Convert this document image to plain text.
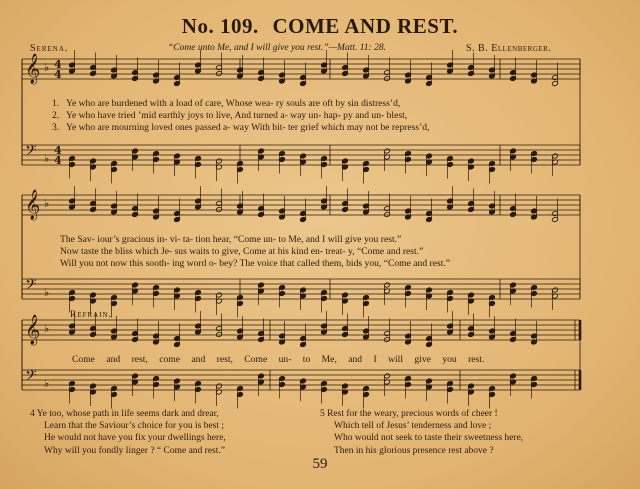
No. 109. COME AND REST.
Serena.	“Come unto Me, and I will give you rest.”—Matt. 11: 28.	S. B. Ellenberger.
𝄞 ♭ 4
4
𝄢 ♭
4
4
𝄞 ♭
𝄢 ♭
𝄞 ♭
𝄢 ♭
1. Ye who are burdened with a load of care, Whose wea- ry souls are oft by sin distress’d,
2. Ye who have tried ’mid earthly joys to live, And turned a- way un- hap- py and un- blest,
3. Ye who are mourning loved ones passed a- way With bit- ter grief which may not be repress’d,
The Sav- iour’s gracious in- vi- ta- tion hear, “Come un- to Me, and I will give you rest.”
Now taste the bliss which Je- sus waits to give, Come at his kind en- treat- y, “Come and rest.”
Will you not now this sooth- ing word o- bey? The voice that called them, bids you, “Come and rest.”
Refrain.
Come and rest, come and rest, Come un- to Me, and I will give you rest.
4 Ye too, whose path in life seems dark and drear,
Learn that the Saviour’s choice for you is best ;
He would not have you fix your dwellings here,
Why will you fondly linger ? “ Come and rest.”
5 Rest for the weary, precious words of cheer !
Which tell of Jesus’ tenderness and love ;
Who would not seek to taste their sweetness here,
Then in his glorious presence rest above ?
59
